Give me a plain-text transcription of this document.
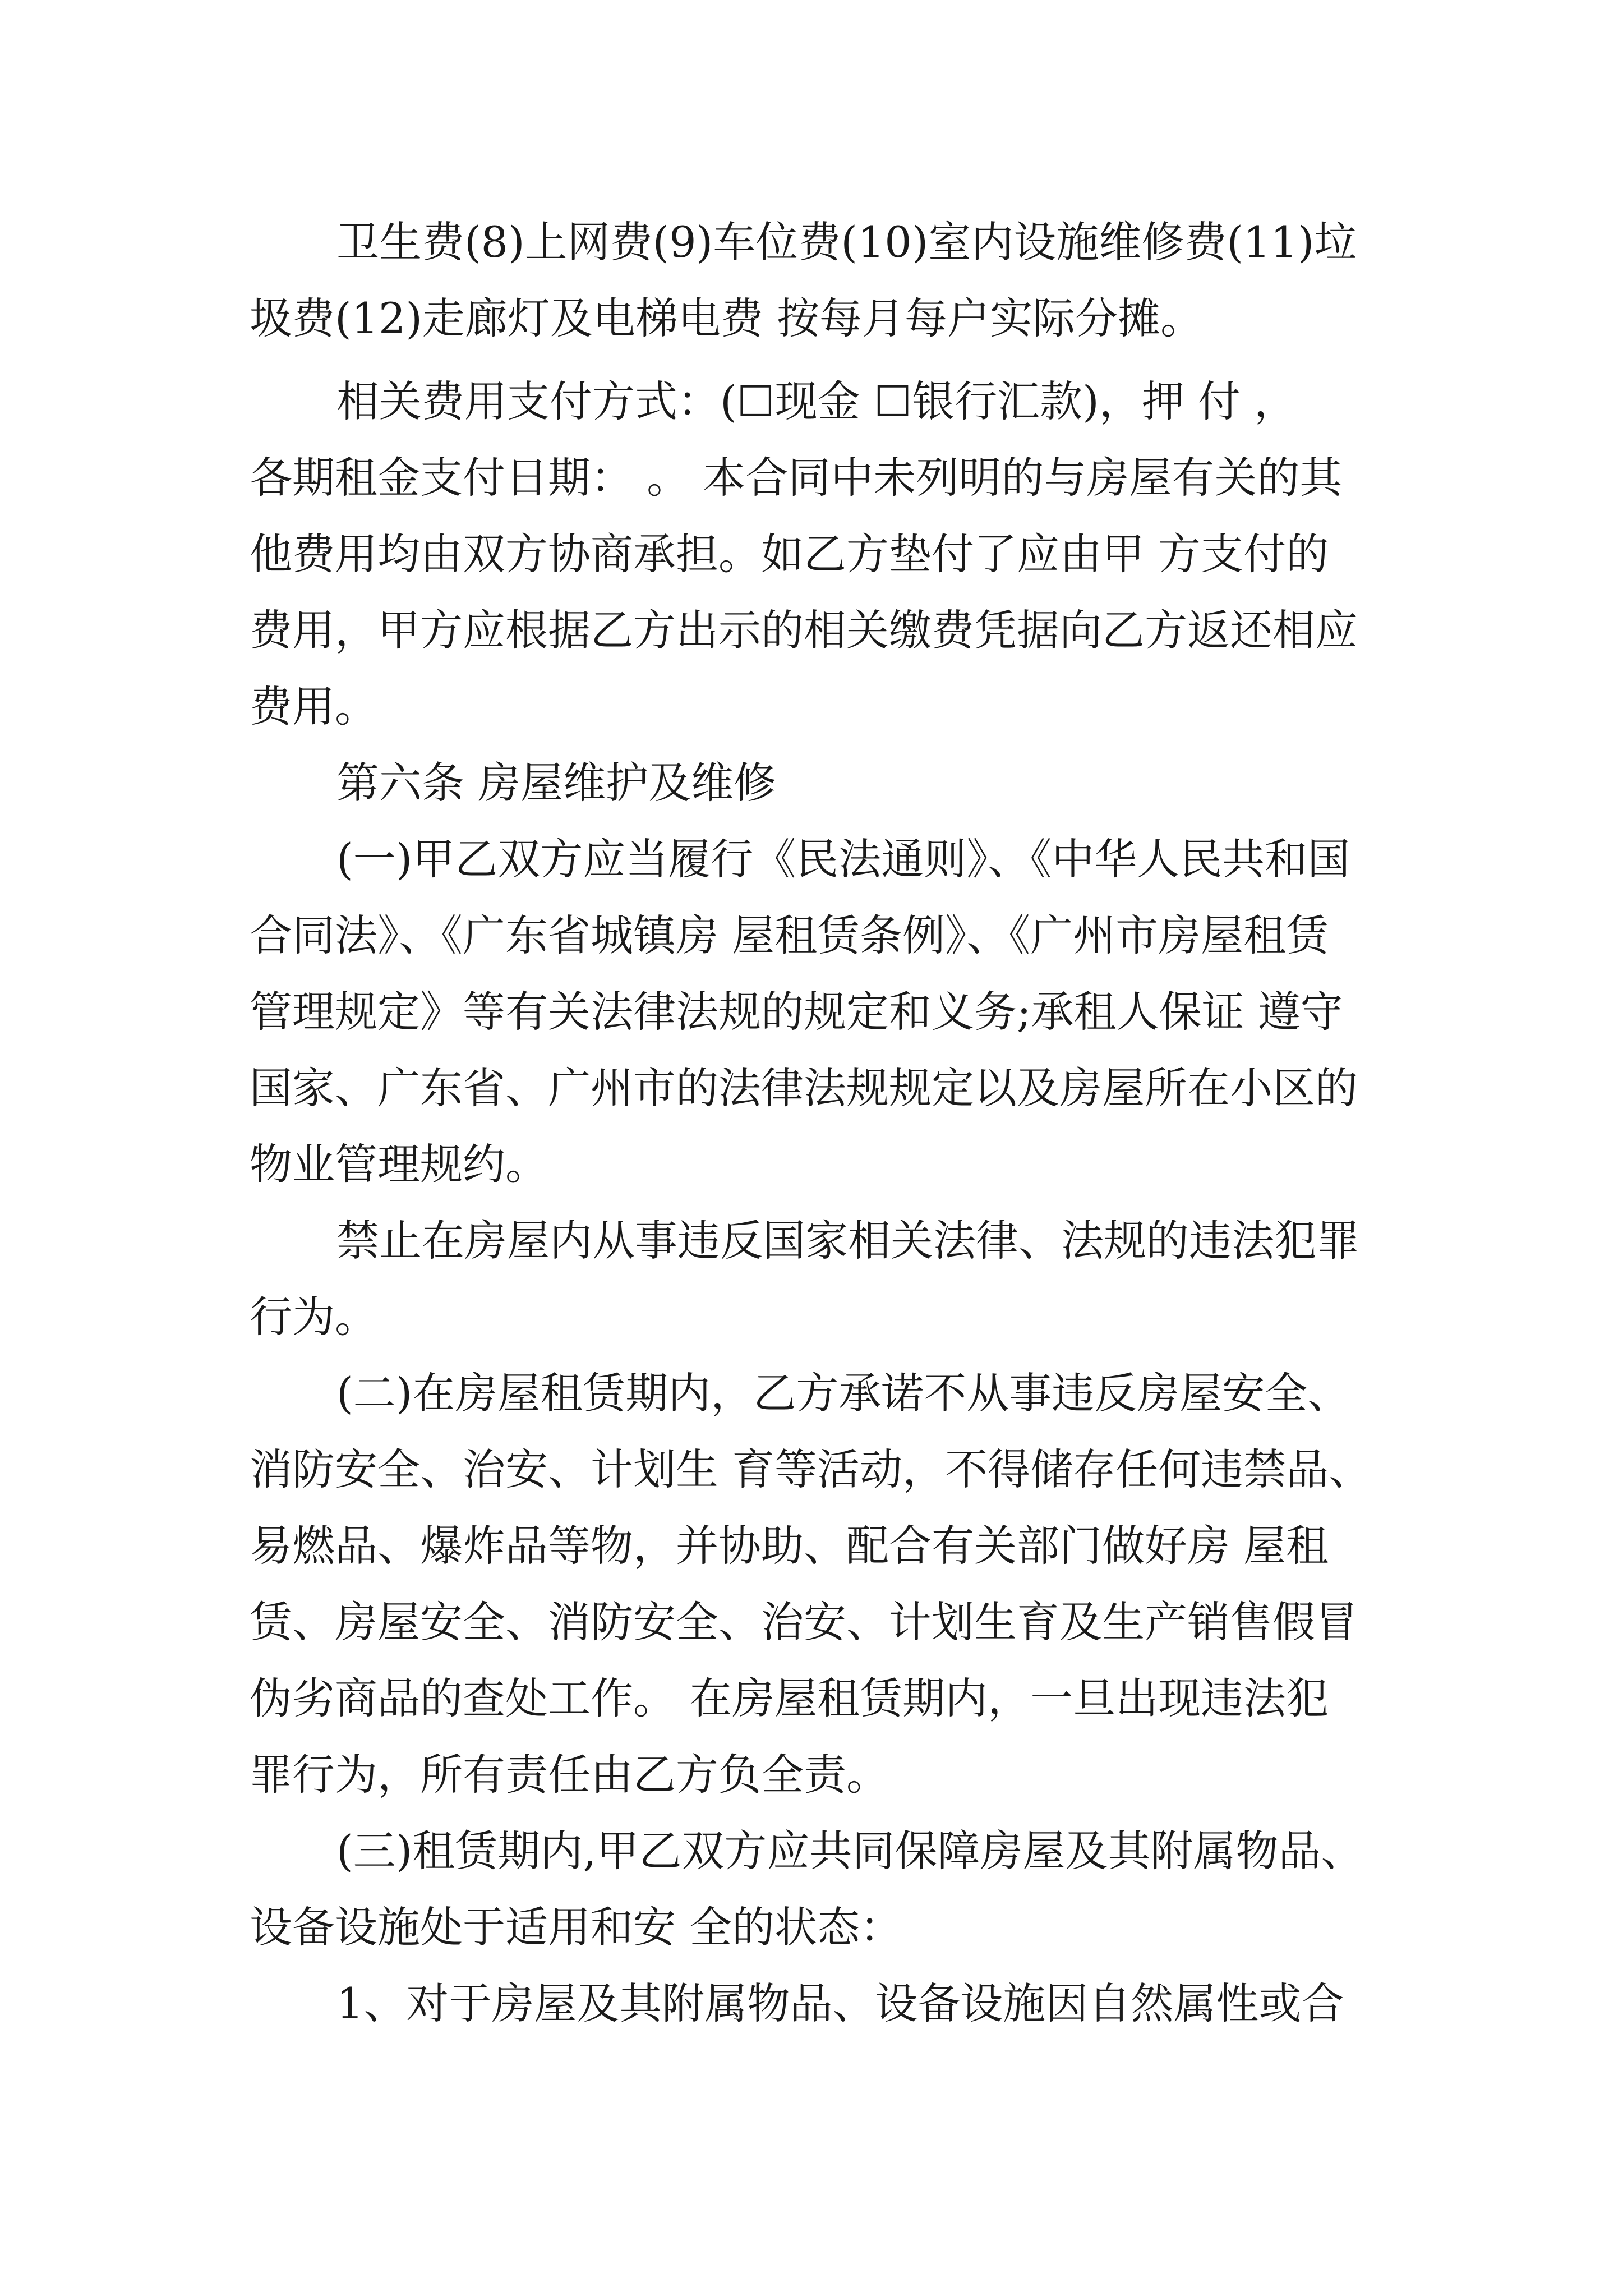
卫生费(8)上网费(9)车位费(10)室内设施维修费(11)垃
圾费(12)走廊灯及电梯电费 按每月每户实际分摊。
相关费用支付方式：(☐现金 ☐银行汇款)，押 付 ，
各期租金支付日期： 。 本合同中未列明的与房屋有关的其
他费用均由双方协商承担。如乙方垫付了应由甲 方支付的
费用，甲方应根据乙方出示的相关缴费凭据向乙方返还相应
费用。
第六条 房屋维护及维修
(一)甲乙双方应当履行《民法通则》、《中华人民共和国
合同法》、《广东省城镇房 屋租赁条例》、《广州市房屋租赁
管理规定》等有关法律法规的规定和义务;承租人保证 遵守
国家、广东省、广州市的法律法规规定以及房屋所在小区的
物业管理规约。
禁止在房屋内从事违反国家相关法律、法规的违法犯罪
行为。
(二)在房屋租赁期内，乙方承诺不从事违反房屋安全、
消防安全、治安、计划生 育等活动，不得储存任何违禁品、
易燃品、爆炸品等物，并协助、配合有关部门做好房 屋租
赁、房屋安全、消防安全、治安、计划生育及生产销售假冒
伪劣商品的查处工作。 在房屋租赁期内，一旦出现违法犯
罪行为，所有责任由乙方负全责。
(三)租赁期内,甲乙双方应共同保障房屋及其附属物品、
设备设施处于适用和安 全的状态：
1、对于房屋及其附属物品、设备设施因自然属性或合
